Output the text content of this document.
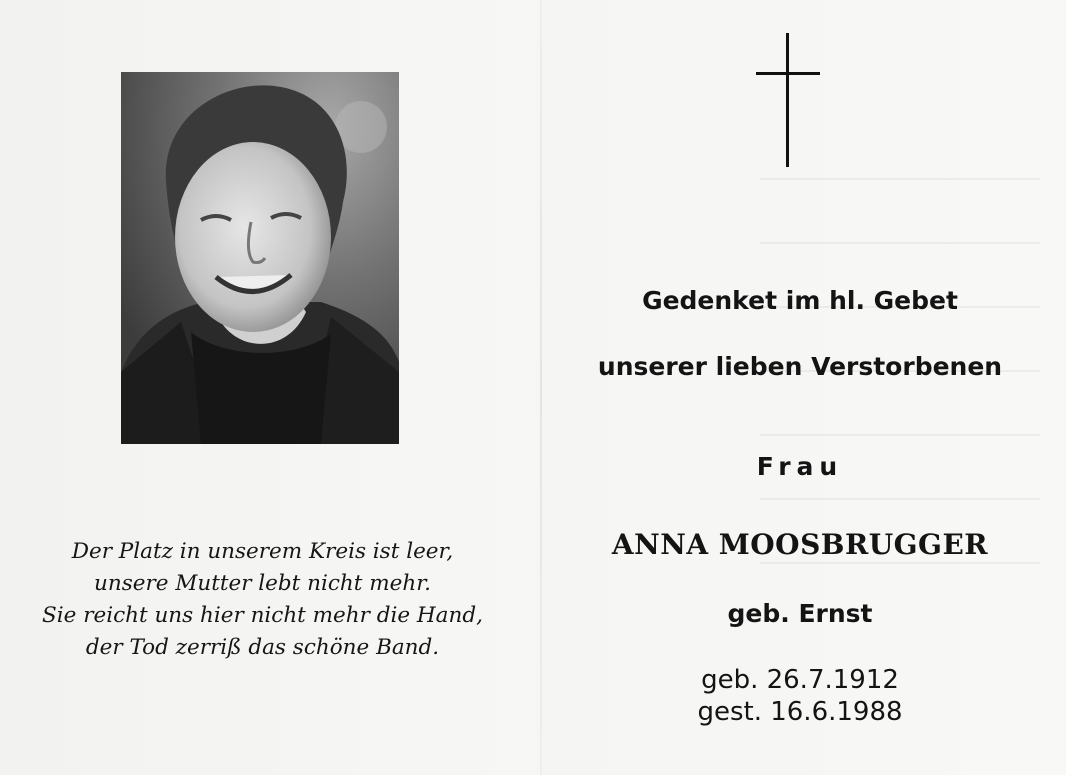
Der Platz in unserem Kreis ist leer,
unsere Mutter lebt nicht mehr.
Sie reicht uns hier nicht mehr die Hand,
der Tod zerriß das schöne Band.
Gedenket im hl. Gebet
unserer lieben Verstorbenen
Frau
ANNA MOOSBRUGGER
geb. Ernst
geb. 26.7.1912
gest. 16.6.1988
